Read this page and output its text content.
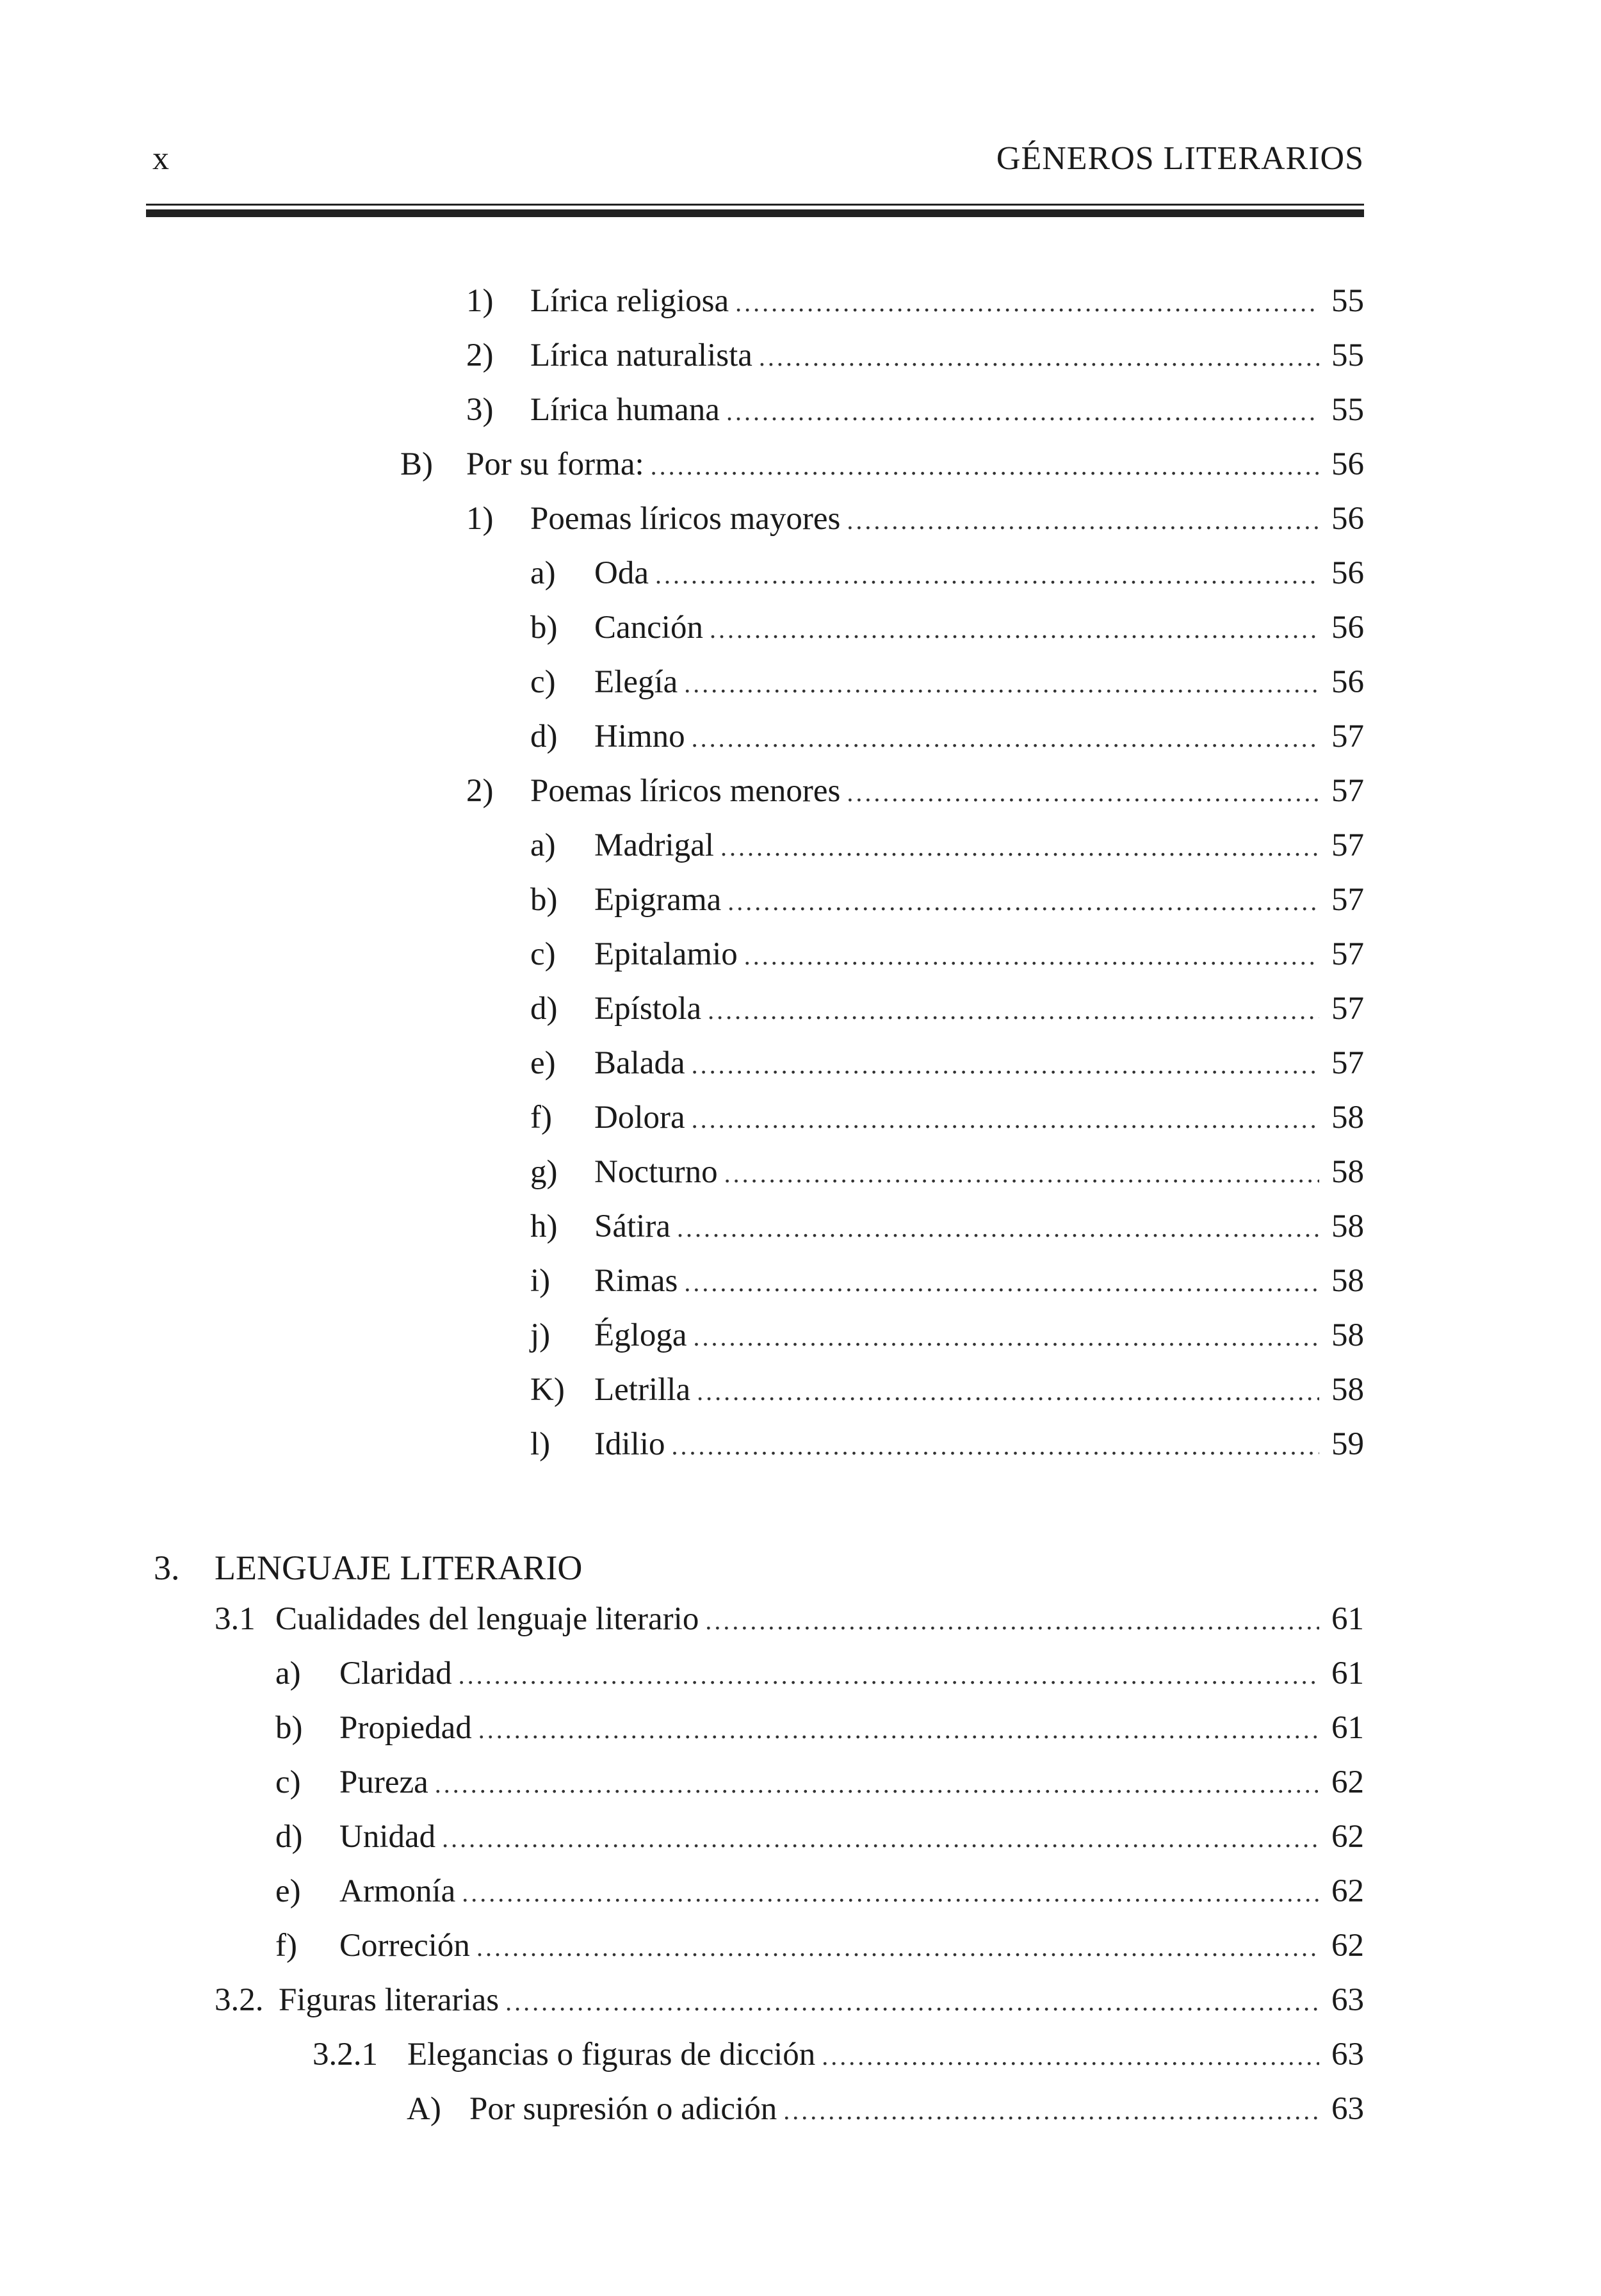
x	GÉNEROS LITERARIOS
1)	Lírica religiosa .....	55
2)	Lírica naturalista .....	55
3)	Lírica humana .....	55
B)	Por su forma: .....	56
1)	Poemas líricos mayores .....	56
a)	Oda .....	56
b)	Canción .....	56
c)	Elegía .....	56
d)	Himno .....	57
2)	Poemas líricos menores .....	57
a)	Madrigal .....	57
b)	Epigrama .....	57
c)	Epitalamio .....	57
d)	Epístola .....	57
e)	Balada .....	57
f)	Dolora .....	58
g)	Nocturno .....	58
h)	Sátira .....	58
i)	Rimas .....	58
j)	Égloga .....	58
K) Letrilla .....	58
l)	Idilio .....	59
3.	LENGUAJE LITERARIO
3.1 Cualidades del lenguaje literario .....	61
a)	Claridad .....	61
b)	Propiedad .....	61
c)	Pureza .....	62
d)	Unidad .....	62
e)	Armonía .....	62
f)	Correción .....	62
3.2. Figuras literarias .....	63
3.2.1 Elegancias o figuras de dicción .....	63
A) Por supresión o adición .....	63
